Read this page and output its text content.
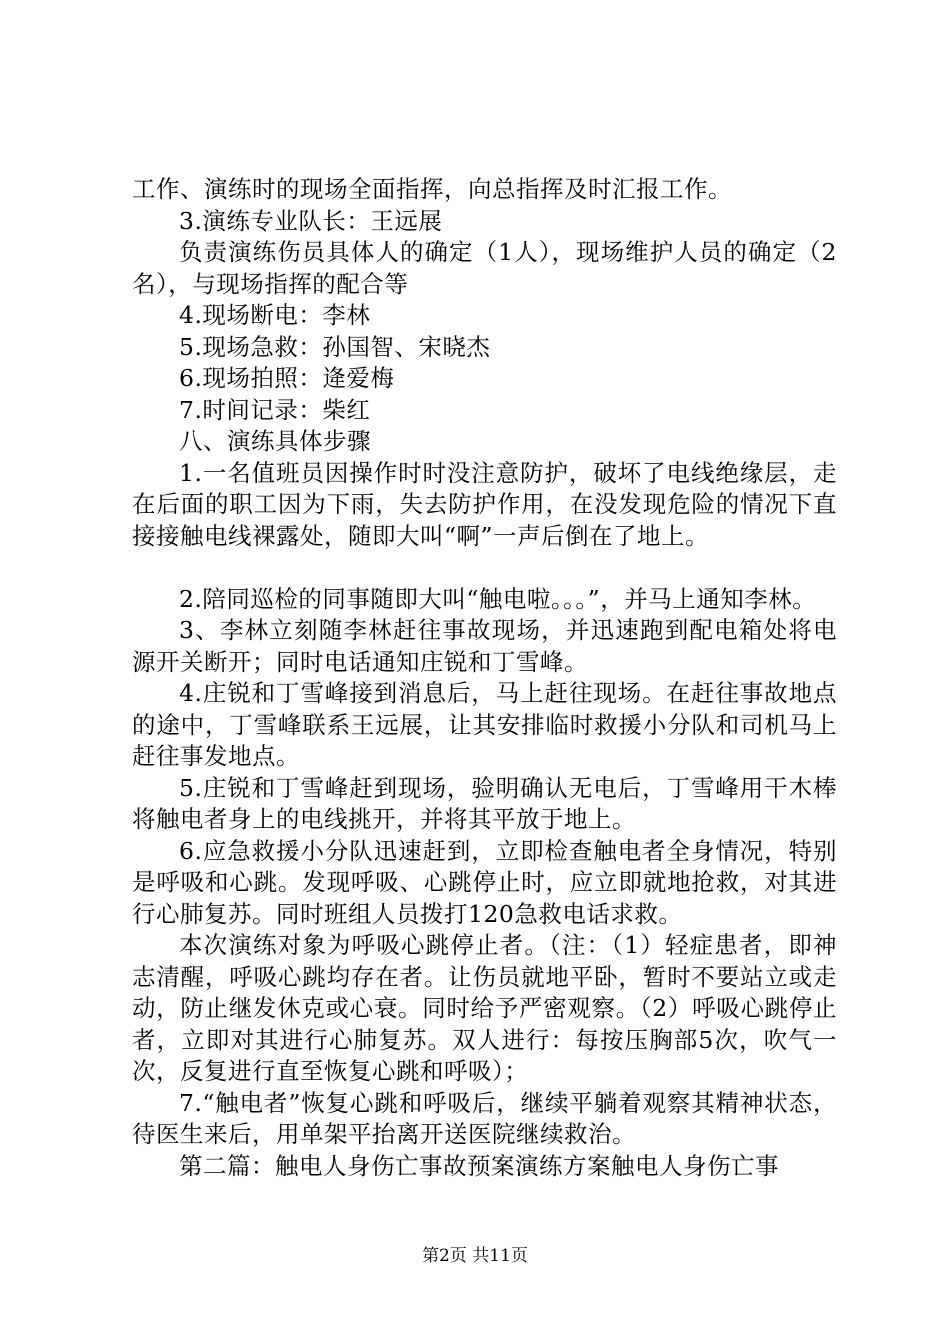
工作、演练时的现场全面指挥，向总指挥及时汇报工作。

3.演练专业队长：王远展

负责演练伤员具体人的确定（1人），现场维护人员的确定（2名），与现场指挥的配合等

4.现场断电：李林

5.现场急救：孙国智、宋晓杰

6.现场拍照：逄爱梅

7.时间记录：柴红

八、演练具体步骤

1.一名值班员因操作时时没注意防护，破坏了电线绝缘层，走在后面的职工因为下雨，失去防护作用，在没发现危险的情况下直接接触电线裸露处，随即大叫“啊”一声后倒在了地上。

2.陪同巡检的同事随即大叫“触电啦。。。”，并马上通知李林。

3、李林立刻随李林赶往事故现场，并迅速跑到配电箱处将电源开关断开；同时电话通知庄锐和丁雪峰。

4.庄锐和丁雪峰接到消息后，马上赶往现场。在赶往事故地点的途中，丁雪峰联系王远展，让其安排临时救援小分队和司机马上赶往事发地点。

5.庄锐和丁雪峰赶到现场，验明确认无电后，丁雪峰用干木棒将触电者身上的电线挑开，并将其平放于地上。

6.应急救援小分队迅速赶到，立即检查触电者全身情况，特别是呼吸和心跳。发现呼吸、心跳停止时，应立即就地抢救，对其进行心肺复苏。同时班组人员拨打120急救电话求救。

本次演练对象为呼吸心跳停止者。（注：（1）轻症患者，即神志清醒，呼吸心跳均存在者。让伤员就地平卧，暂时不要站立或走动，防止继发休克或心衰。同时给予严密观察。（2）呼吸心跳停止者，立即对其进行心肺复苏。双人进行：每按压胸部5次，吹气一次，反复进行直至恢复心跳和呼吸）；

7.“触电者”恢复心跳和呼吸后，继续平躺着观察其精神状态，待医生来后，用单架平抬离开送医院继续救治。

第二篇：触电人身伤亡事故预案演练方案触电人身伤亡事

第2页 共11页
